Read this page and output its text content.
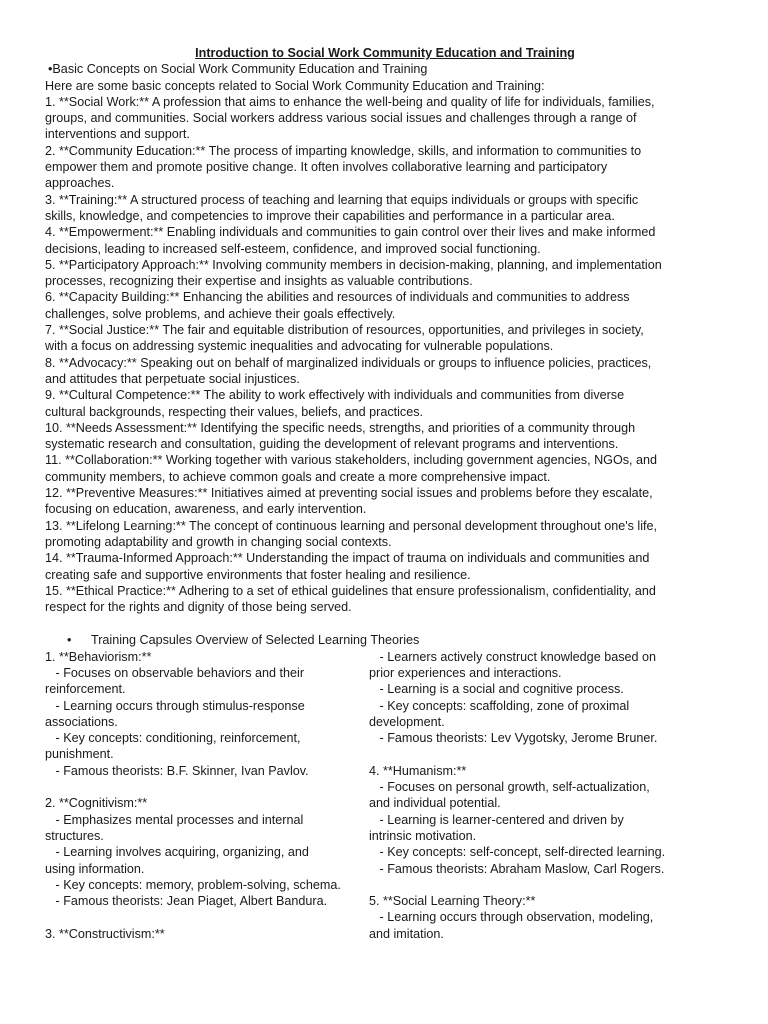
Introduction to Social Work Community Education and Training
•Basic Concepts on Social Work Community Education and Training
Here are some basic concepts related to Social Work Community Education and Training:
1. **Social Work:** A profession that aims to enhance the well-being and quality of life for individuals, families,
groups, and communities. Social workers address various social issues and challenges through a range of
interventions and support.
2. **Community Education:** The process of imparting knowledge, skills, and information to communities to
empower them and promote positive change. It often involves collaborative learning and participatory
approaches.
3. **Training:** A structured process of teaching and learning that equips individuals or groups with specific
skills, knowledge, and competencies to improve their capabilities and performance in a particular area.
4. **Empowerment:** Enabling individuals and communities to gain control over their lives and make informed
decisions, leading to increased self-esteem, confidence, and improved social functioning.
5. **Participatory Approach:** Involving community members in decision-making, planning, and implementation
processes, recognizing their expertise and insights as valuable contributions.
6. **Capacity Building:** Enhancing the abilities and resources of individuals and communities to address
challenges, solve problems, and achieve their goals effectively.
7. **Social Justice:** The fair and equitable distribution of resources, opportunities, and privileges in society,
with a focus on addressing systemic inequalities and advocating for vulnerable populations.
8. **Advocacy:** Speaking out on behalf of marginalized individuals or groups to influence policies, practices,
and attitudes that perpetuate social injustices.
9. **Cultural Competence:** The ability to work effectively with individuals and communities from diverse
cultural backgrounds, respecting their values, beliefs, and practices.
10. **Needs Assessment:** Identifying the specific needs, strengths, and priorities of a community through
systematic research and consultation, guiding the development of relevant programs and interventions.
11. **Collaboration:** Working together with various stakeholders, including government agencies, NGOs, and
community members, to achieve common goals and create a more comprehensive impact.
12. **Preventive Measures:** Initiatives aimed at preventing social issues and problems before they escalate,
focusing on education, awareness, and early intervention.
13. **Lifelong Learning:** The concept of continuous learning and personal development throughout one's life,
promoting adaptability and growth in changing social contexts.
14. **Trauma-Informed Approach:** Understanding the impact of trauma on individuals and communities and
creating safe and supportive environments that foster healing and resilience.
15. **Ethical Practice:** Adhering to a set of ethical guidelines that ensure professionalism, confidentiality, and
respect for the rights and dignity of those being served.
• Training Capsules Overview of Selected Learning Theories
1. **Behaviorism:**
- Focuses on observable behaviors and their
reinforcement.
- Learning occurs through stimulus-response
associations.
- Key concepts: conditioning, reinforcement,
punishment.
- Famous theorists: B.F. Skinner, Ivan Pavlov.
2. **Cognitivism:**
- Emphasizes mental processes and internal
structures.
- Learning involves acquiring, organizing, and
using information.
- Key concepts: memory, problem-solving, schema.
- Famous theorists: Jean Piaget, Albert Bandura.
3. **Constructivism:**
- Learners actively construct knowledge based on
prior experiences and interactions.
- Learning is a social and cognitive process.
- Key concepts: scaffolding, zone of proximal
development.
- Famous theorists: Lev Vygotsky, Jerome Bruner.
4. **Humanism:**
- Focuses on personal growth, self-actualization,
and individual potential.
- Learning is learner-centered and driven by
intrinsic motivation.
- Key concepts: self-concept, self-directed learning.
- Famous theorists: Abraham Maslow, Carl Rogers.
5. **Social Learning Theory:**
- Learning occurs through observation, modeling,
and imitation.
